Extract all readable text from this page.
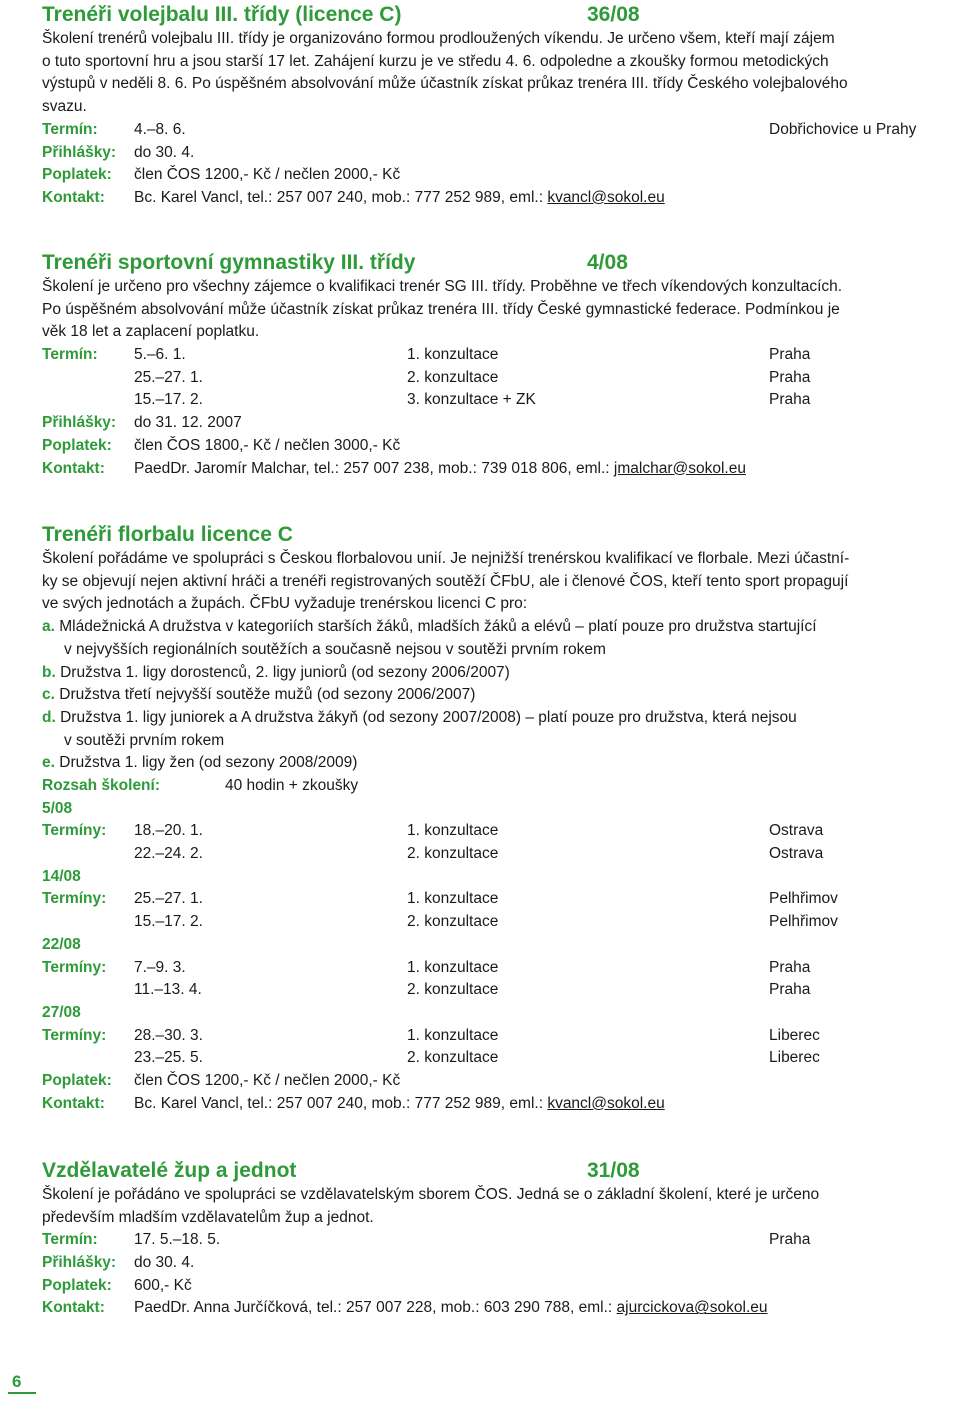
Trenéři volejbalu III. třídy (licence C)	36/08
Školení trenérů volejbalu III. třídy je organizováno formou prodloužených víkendu. Je určeno všem, kteří mají zájem
o tuto sportovní hru a jsou starší 17 let. Zahájení kurzu je ve středu 4. 6. odpoledne a zkoušky formou metodických
výstupů v neděli 8. 6. Po úspěšném absolvování může účastník získat průkaz trenéra III. třídy Českého volejbalového
svazu.
Termín: 4.–8. 6.	Dobřichovice u Prahy
Přihlášky: do 30. 4.
Poplatek: člen ČOS 1200,- Kč / nečlen 2000,- Kč
Kontakt: Bc. Karel Vancl, tel.: 257 007 240, mob.: 777 252 989, eml.: kvancl@sokol.eu
Trenéři sportovní gymnastiky III. třídy	4/08
Školení je určeno pro všechny zájemce o kvalifikaci trenér SG III. třídy. Proběhne ve třech víkendových konzultacích.
Po úspěšném absolvování může účastník získat průkaz trenéra III. třídy České gymnastické federace. Podmínkou je
věk 18 let a zaplacení poplatku.
Termín: 5.–6. 1.	1. konzultace	Praha
25.–27. 1.	2. konzultace	Praha
15.–17. 2.	3. konzultace + ZK	Praha
Přihlášky: do 31. 12. 2007
Poplatek: člen ČOS 1800,- Kč / nečlen 3000,- Kč
Kontakt: PaedDr. Jaromír Malchar, tel.: 257 007 238, mob.: 739 018 806, eml.: jmalchar@sokol.eu
Trenéři florbalu licence C
Školení pořádáme ve spolupráci s Českou florbalovou unií. Je nejnižší trenérskou kvalifikací ve florbale. Mezi účastní-
ky se objevují nejen aktivní hráči a trenéři registrovaných soutěží ČFbU, ale i členové ČOS, kteří tento sport propagují
ve svých jednotách a župách. ČFbU vyžaduje trenérskou licenci C pro:
a. Mládežnická A družstva v kategoriích starších žáků, mladších žáků a elévů – platí pouze pro družstva startující
v nejvyšších regionálních soutěžích a současně nejsou v soutěži prvním rokem
b. Družstva 1. ligy dorostenců, 2. ligy juniorů (od sezony 2006/2007)
c. Družstva třetí nejvyšší soutěže mužů (od sezony 2006/2007)
d. Družstva 1. ligy juniorek a A družstva žákyň (od sezony 2007/2008) – platí pouze pro družstva, která nejsou
v soutěži prvním rokem
e. Družstva 1. ligy žen (od sezony 2008/2009)
Rozsah školení:	40 hodin + zkoušky
5/08
Termíny: 18.–20. 1.	1. konzultace	Ostrava
22.–24. 2.	2. konzultace	Ostrava
14/08
Termíny: 25.–27. 1.	1. konzultace	Pelhřimov
15.–17. 2.	2. konzultace	Pelhřimov
22/08
Termíny: 7.–9. 3.	1. konzultace	Praha
11.–13. 4.	2. konzultace	Praha
27/08
Termíny: 28.–30. 3.	1. konzultace	Liberec
23.–25. 5.	2. konzultace	Liberec
Poplatek: člen ČOS 1200,- Kč / nečlen 2000,- Kč
Kontakt: Bc. Karel Vancl, tel.: 257 007 240, mob.: 777 252 989, eml.: kvancl@sokol.eu
Vzdělavatelé žup a jednot	31/08
Školení je pořádáno ve spolupráci se vzdělavatelským sborem ČOS. Jedná se o základní školení, které je určeno
především mladším vzdělavatelům žup a jednot.
Termín: 17. 5.–18. 5.	Praha
Přihlášky: do 30. 4.
Poplatek: 600,- Kč
Kontakt: PaedDr. Anna Jurčíčková, tel.: 257 007 228, mob.: 603 290 788, eml.: ajurcickova@sokol.eu
6
